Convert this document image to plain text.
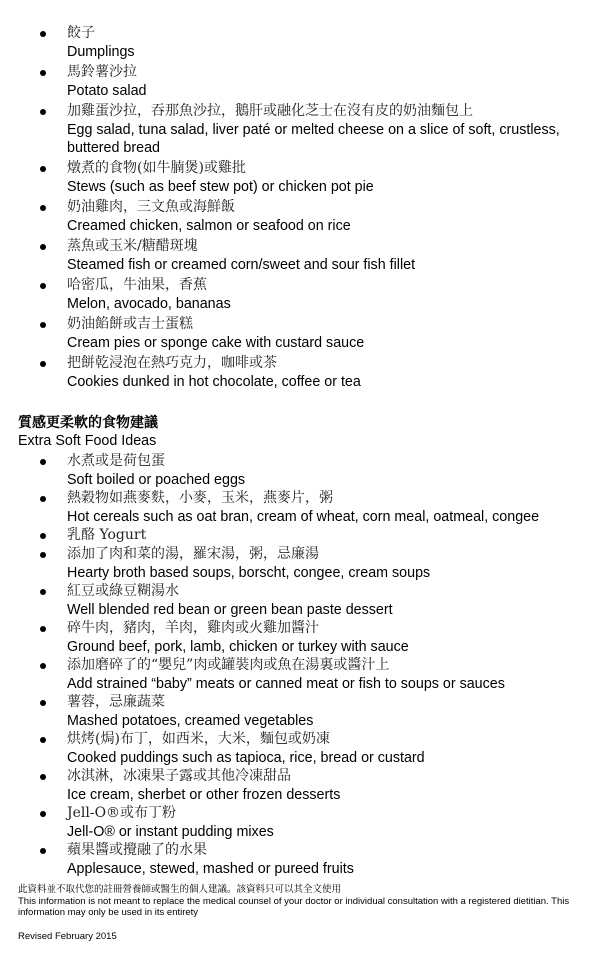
餃子
Dumplings
馬鈴薯沙拉
Potato salad
加雞蛋沙拉，吞那魚沙拉，鵝肝或融化芝士在沒有皮的奶油麵包上
Egg salad, tuna salad, liver paté or melted cheese on a slice of soft, crustless, buttered bread
燉煮的食物(如牛腩煲)或雞批
Stews (such as beef stew pot) or chicken pot pie
奶油雞肉，三文魚或海鮮飯
Creamed chicken, salmon or seafood on rice
蒸魚或玉米/糖醋斑塊
Steamed fish or creamed corn/sweet and sour fish fillet
哈密瓜，牛油果，香蕉
Melon, avocado, bananas
奶油餡餅或吉士蛋糕
Cream pies or sponge cake with custard sauce
把餅乾浸泡在熱巧克力，咖啡或茶
Cookies dunked in hot chocolate, coffee or tea
質感更柔軟的食物建議
Extra Soft Food Ideas
水煮或是荷包蛋
Soft boiled or poached eggs
熱穀物如燕麥麩，小麥，玉米，燕麥片，粥
Hot cereals such as oat bran, cream of wheat, corn meal, oatmeal, congee
乳酪 Yogurt
添加了肉和菜的湯，羅宋湯，粥，忌廉湯
Hearty broth based soups, borscht, congee, cream soups
紅豆或綠豆糊湯水
Well blended red bean or green bean paste dessert
碎牛肉，豬肉，羊肉，雞肉或火雞加醬汁
Ground beef, pork, lamb, chicken or turkey with sauce
添加磨碎了的“嬰兒”肉或罐裝肉或魚在湯裏或醬汁上
Add strained “baby” meats or canned meat or fish to soups or sauces
薯蓉，忌廉蔬菜
Mashed potatoes, creamed vegetables
烘烤(焗)布丁，如西米，大米，麵包或奶凍
Cooked puddings such as tapioca, rice, bread or custard
冰淇淋，冰凍果子露或其他冷凍甜品
Ice cream, sherbet or other frozen desserts
Jell-O®或布丁粉
Jell-O® or instant pudding mixes
蘋果醬或攪融了的水果
Applesauce, stewed, mashed or pureed fruits
此資料並不取代您的註冊營養師或醫生的個人建議。該資料只可以其全文使用
This information is not meant to replace the medical counsel of your doctor or individual consultation with a registered dietitian. This information may only be used in its entirety
Revised February 2015
